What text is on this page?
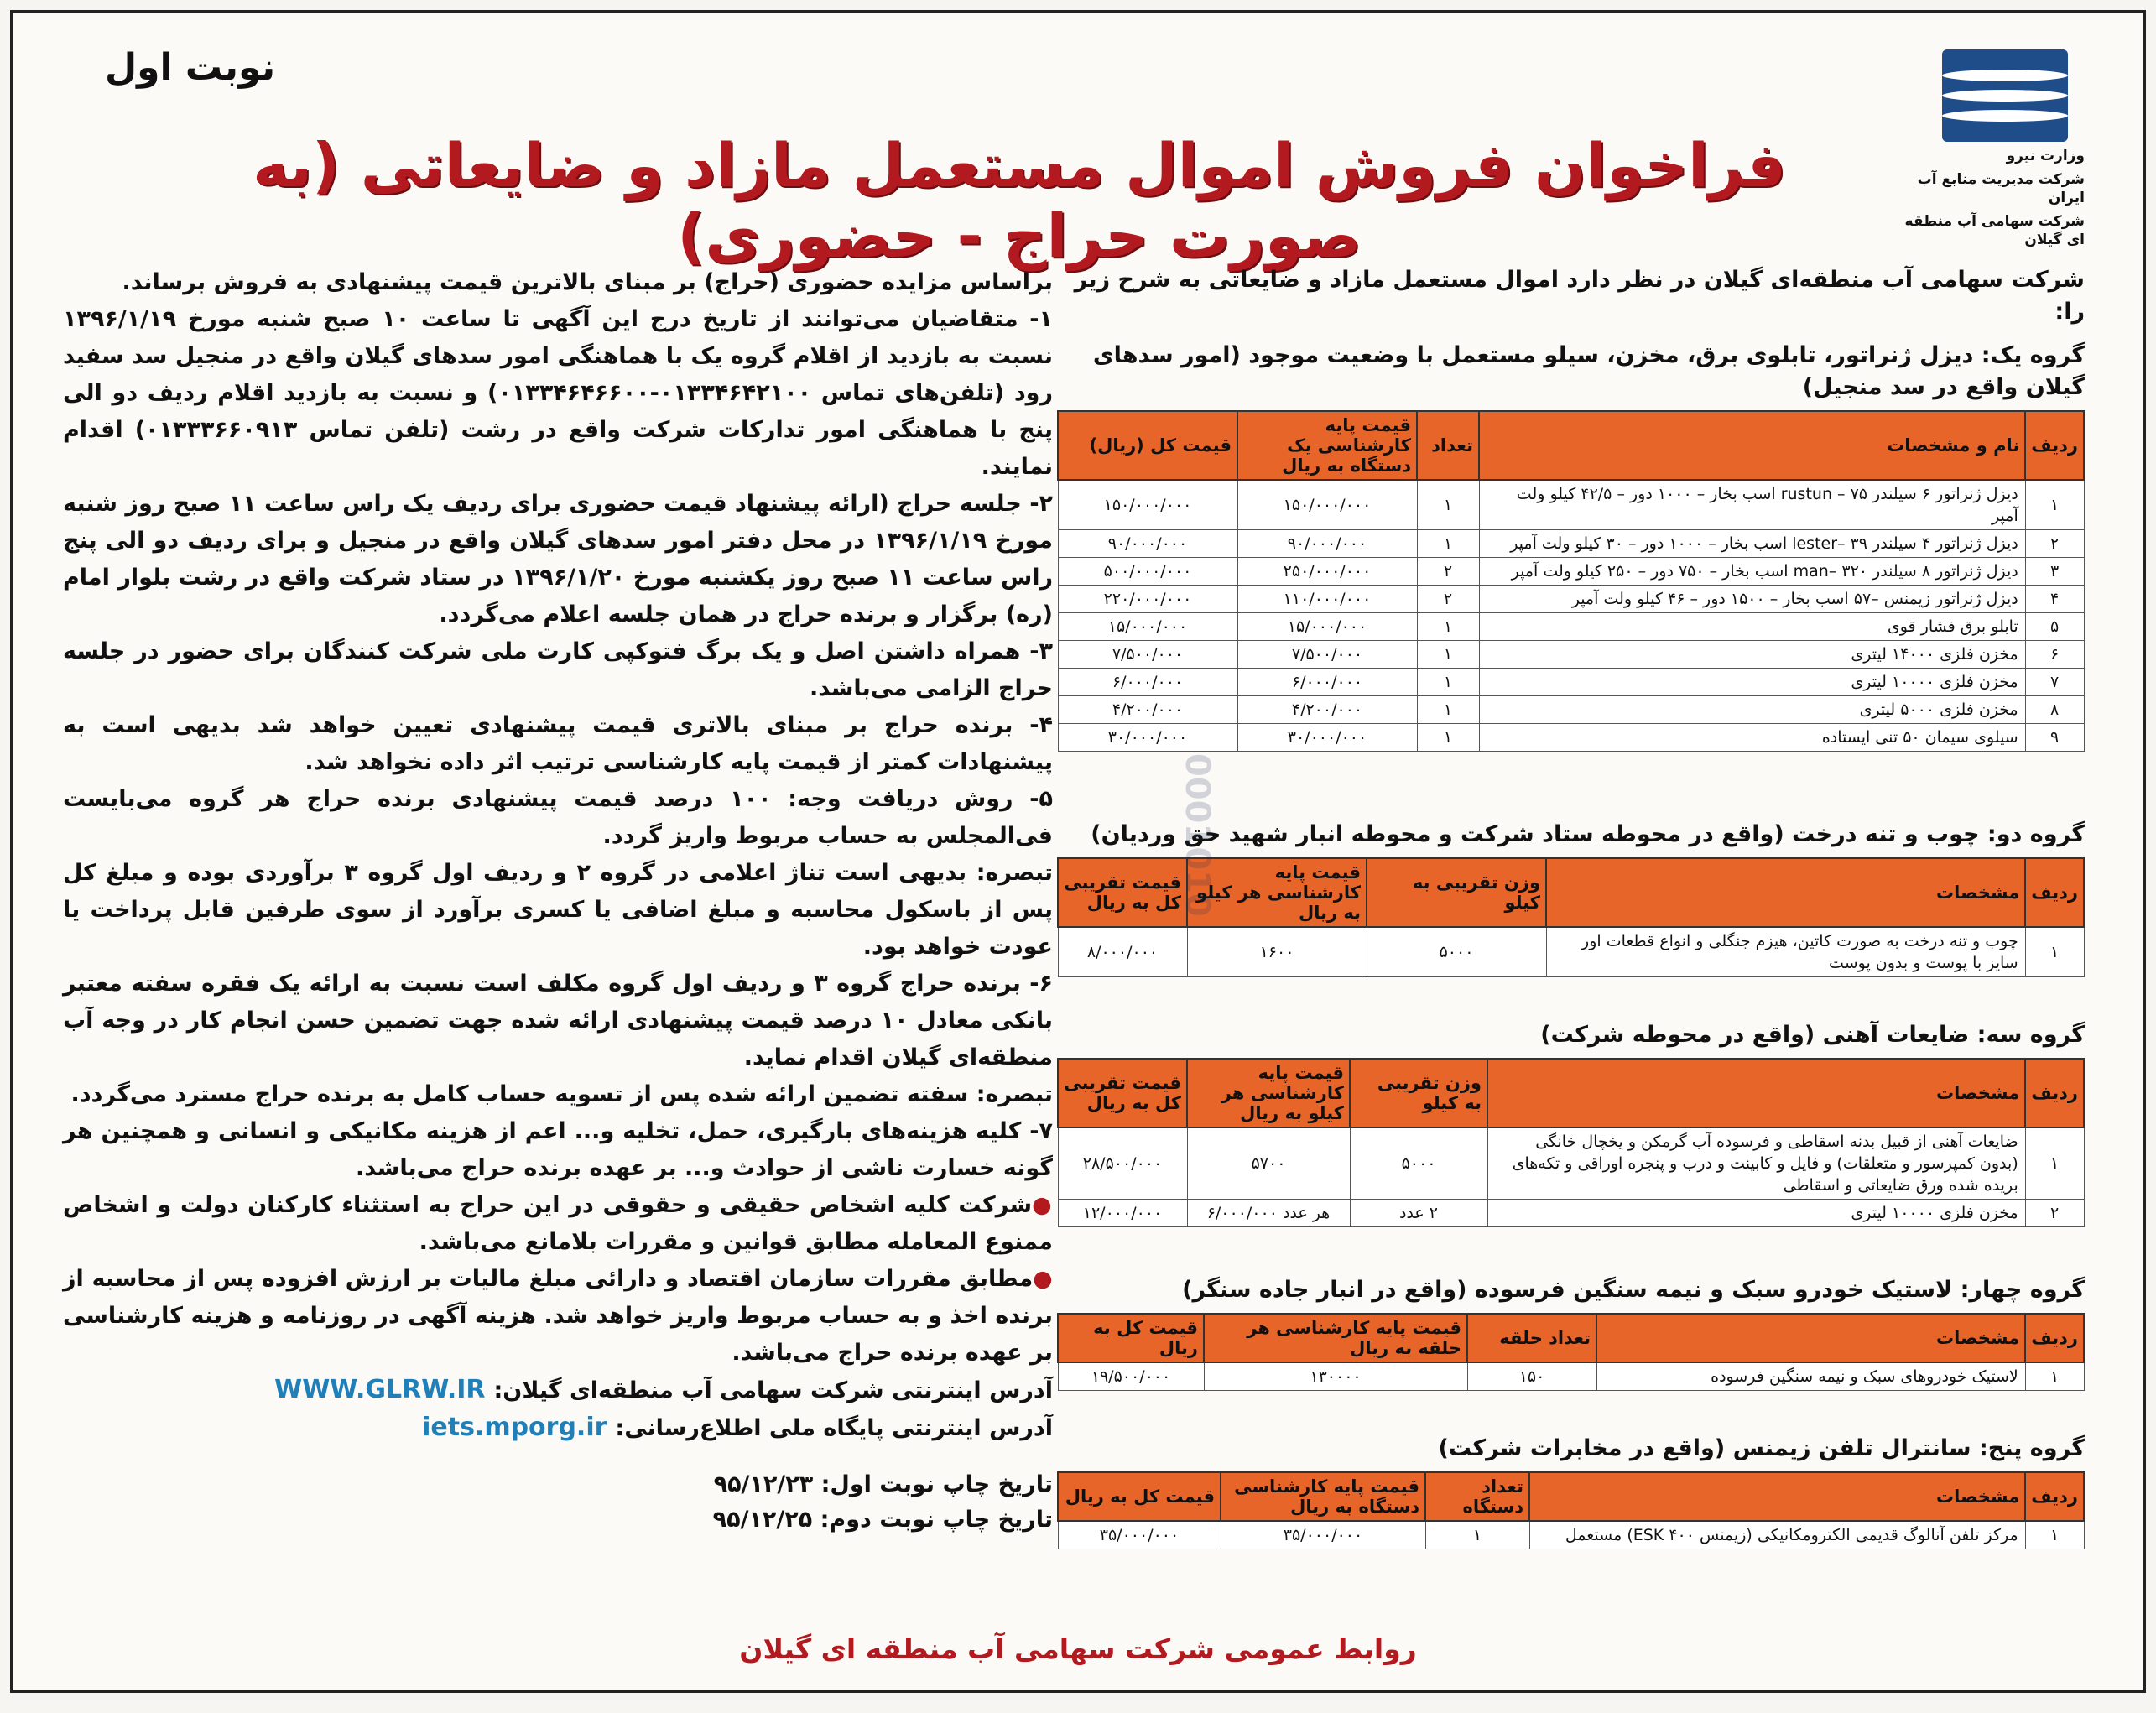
نوبت اول
وزارت نیرو
شرکت مدیریت منابع آب ایران
شرکت سهامی آب منطقه ای گیلان
فراخوان فروش اموال مستعمل مازاد و ضایعاتی (به صورت حراج - حضوری)

شرکت سهامی آب منطقه‌ای گیلان در نظر دارد اموال مستعمل مازاد و ضایعاتی به شرح زیر را:

گروه یک: دیزل ژنراتور، تابلوی برق، مخزن، سیلو مستعمل با وضعیت موجود (امور سدهای گیلان واقع در سد منجیل)
ردیف	نام و مشخصات	تعداد	قیمت پایه کارشناسی یک دستگاه به ریال	قیمت کل (ریال)
۱	دیزل ژنراتور ۶ سیلندر rustun – ۷۵ اسب بخار – ۱۰۰۰ دور – ۴۲/۵ کیلو ولت آمپر	۱	۱۵۰/۰۰۰/۰۰۰	۱۵۰/۰۰۰/۰۰۰
۲	دیزل ژنراتور ۴ سیلندر lester– ۳۹ اسب بخار – ۱۰۰۰ دور – ۳۰ کیلو ولت آمپر	۱	۹۰/۰۰۰/۰۰۰	۹۰/۰۰۰/۰۰۰
۳	دیزل ژنراتور ۸ سیلندر man– ۳۲۰ اسب بخار – ۷۵۰ دور – ۲۵۰ کیلو ولت آمپر	۲	۲۵۰/۰۰۰/۰۰۰	۵۰۰/۰۰۰/۰۰۰
۴	دیزل ژنراتور زیمنس –۵۷ اسب بخار – ۱۵۰۰ دور – ۴۶ کیلو ولت آمپر	۲	۱۱۰/۰۰۰/۰۰۰	۲۲۰/۰۰۰/۰۰۰
۵	تابلو برق فشار قوی	۱	۱۵/۰۰۰/۰۰۰	۱۵/۰۰۰/۰۰۰
۶	مخزن فلزی ۱۴۰۰۰ لیتری	۱	۷/۵۰۰/۰۰۰	۷/۵۰۰/۰۰۰
۷	مخزن فلزی ۱۰۰۰۰ لیتری	۱	۶/۰۰۰/۰۰۰	۶/۰۰۰/۰۰۰
۸	مخزن فلزی ۵۰۰۰ لیتری	۱	۴/۲۰۰/۰۰۰	۴/۲۰۰/۰۰۰
۹	سیلوی سیمان ۵۰ تنی ایستاده	۱	۳۰/۰۰۰/۰۰۰	۳۰/۰۰۰/۰۰۰
گروه دو: چوب و تنه درخت (واقع در محوطه ستاد شرکت و محوطه انبار شهید حق وردیان)
ردیف	مشخصات	وزن تقریبی به کیلو	قیمت پایه کارشناسی هر کیلو به ریال	قیمت تقریبی کل به ریال
۱	چوب و تنه درخت به صورت کاتین، هیزم جنگلی و انواع قطعات اور سایز با پوست و بدون پوست	۵۰۰۰	۱۶۰۰	۸/۰۰۰/۰۰۰
گروه سه: ضایعات آهنی (واقع در محوطه شرکت)
ردیف	مشخصات	وزن تقریبی به کیلو	قیمت پایه کارشناسی هر کیلو به ریال	قیمت تقریبی کل به ریال
۱	ضایعات آهنی از قبیل بدنه اسقاطی و فرسوده آب گرمکن و یخچال خانگی (بدون کمپرسور و متعلقات) و فایل و کابینت و درب و پنجره اوراقی و تکه‌های بریده شده ورق ضایعاتی و اسقاطی	۵۰۰۰	۵۷۰۰	۲۸/۵۰۰/۰۰۰
۲	مخزن فلزی ۱۰۰۰۰ لیتری	۲ عدد	هر عدد ۶/۰۰۰/۰۰۰	۱۲/۰۰۰/۰۰۰
گروه چهار: لاستیک خودرو سبک و نیمه سنگین فرسوده (واقع در انبار جاده سنگر)
ردیف	مشخصات	تعداد حلقه	قیمت پایه کارشناسی هر حلقه به ریال	قیمت کل به ریال
۱	لاستیک خودروهای سبک و نیمه سنگین فرسوده	۱۵۰	۱۳۰۰۰۰	۱۹/۵۰۰/۰۰۰
گروه پنج: سانترال تلفن زیمنس (واقع در مخابرات شرکت)
ردیف	مشخصات	تعداد دستگاه	قیمت پایه کارشناسی دستگاه به ریال	قیمت کل به ریال
۱	مرکز تلفن آنالوگ قدیمی الکترومکانیکی (زیمنس ۴۰۰ ESK) مستعمل	۱	۳۵/۰۰۰/۰۰۰	۳۵/۰۰۰/۰۰۰
0001010

براساس مزایده حضوری (حراج) بر مبنای بالاترین قیمت پیشنهادی به فروش برساند.

۱- متقاضیان می‌توانند از تاریخ درج این آگهی تا ساعت ۱۰ صبح شنبه مورخ ۱۳۹۶/۱/۱۹ نسبت به بازدید از اقلام گروه یک با هماهنگی امور سدهای گیلان واقع در منجیل سد سفید رود (تلفن‌های تماس ۰۱۳۳۴۶۴۲۱۰۰-۰۱۳۳۴۶۴۶۶۰۰) و نسبت به بازدید اقلام ردیف دو الی پنج با هماهنگی امور تدارکات شرکت واقع در رشت (تلفن تماس ۰۱۳۳۳۶۶۰۹۱۳) اقدام نمایند.

۲- جلسه حراج (ارائه پیشنهاد قیمت حضوری برای ردیف یک راس ساعت ۱۱ صبح روز شنبه مورخ ۱۳۹۶/۱/۱۹ در محل دفتر امور سدهای گیلان واقع در منجیل و برای ردیف دو الی پنج راس ساعت ۱۱ صبح روز یکشنبه مورخ ۱۳۹۶/۱/۲۰ در ستاد شرکت واقع در رشت بلوار امام (ره) برگزار و برنده حراج در همان جلسه اعلام می‌گردد.

۳- همراه داشتن اصل و یک برگ فتوکپی کارت ملی شرکت کنندگان برای حضور در جلسه حراج الزامی می‌باشد.

۴- برنده حراج بر مبنای بالاتری قیمت پیشنهادی تعیین خواهد شد بدیهی است به پیشنهادات کمتر از قیمت پایه کارشناسی ترتیب اثر داده نخواهد شد.

۵- روش دریافت وجه: ۱۰۰ درصد قیمت پیشنهادی برنده حراج هر گروه می‌بایست فی‌المجلس به حساب مربوط واریز گردد.

تبصره: بدیهی است تناژ اعلامی در گروه ۲ و ردیف اول گروه ۳ برآوردی بوده و مبلغ کل پس از باسکول محاسبه و مبلغ اضافی یا کسری برآورد از سوی طرفین قابل پرداخت یا عودت خواهد بود.

۶- برنده حراج گروه ۳ و ردیف اول گروه مکلف است نسبت به ارائه یک فقره سفته معتبر بانکی معادل ۱۰ درصد قیمت پیشنهادی ارائه شده جهت تضمین حسن انجام کار در وجه آب منطقه‌ای گیلان اقدام نماید.

تبصره: سفته تضمین ارائه شده پس از تسویه حساب کامل به برنده حراج مسترد می‌گردد.

۷- کلیه هزینه‌های بارگیری، حمل، تخلیه و... اعم از هزینه مکانیکی و انسانی و همچنین هر گونه خسارت ناشی از حوادث و... بر عهده برنده حراج می‌باشد.

●شرکت کلیه اشخاص حقیقی و حقوقی در این حراج به استثناء کارکنان دولت و اشخاص ممنوع المعامله مطابق قوانین و مقررات بلامانع می‌باشد.

●مطابق مقررات سازمان اقتصاد و دارائی مبلغ مالیات بر ارزش افزوده پس از محاسبه از برنده اخذ و به حساب مربوط واریز خواهد شد. هزینه آگهی در روزنامه و هزینه کارشناسی بر عهده برنده حراج می‌باشد.

آدرس اینترنتی شرکت سهامی آب منطقه‌ای گیلان:WWW.GLRW.IR

آدرس اینترنتی پایگاه ملی اطلاع‌رسانی:iets.mporg.ir

تاریخ چاپ نوبت اول: ۹۵/۱۲/۲۳
تاریخ چاپ نوبت دوم: ۹۵/۱۲/۲۵
روابط عمومی شرکت سهامی آب منطقه ای گیلان
